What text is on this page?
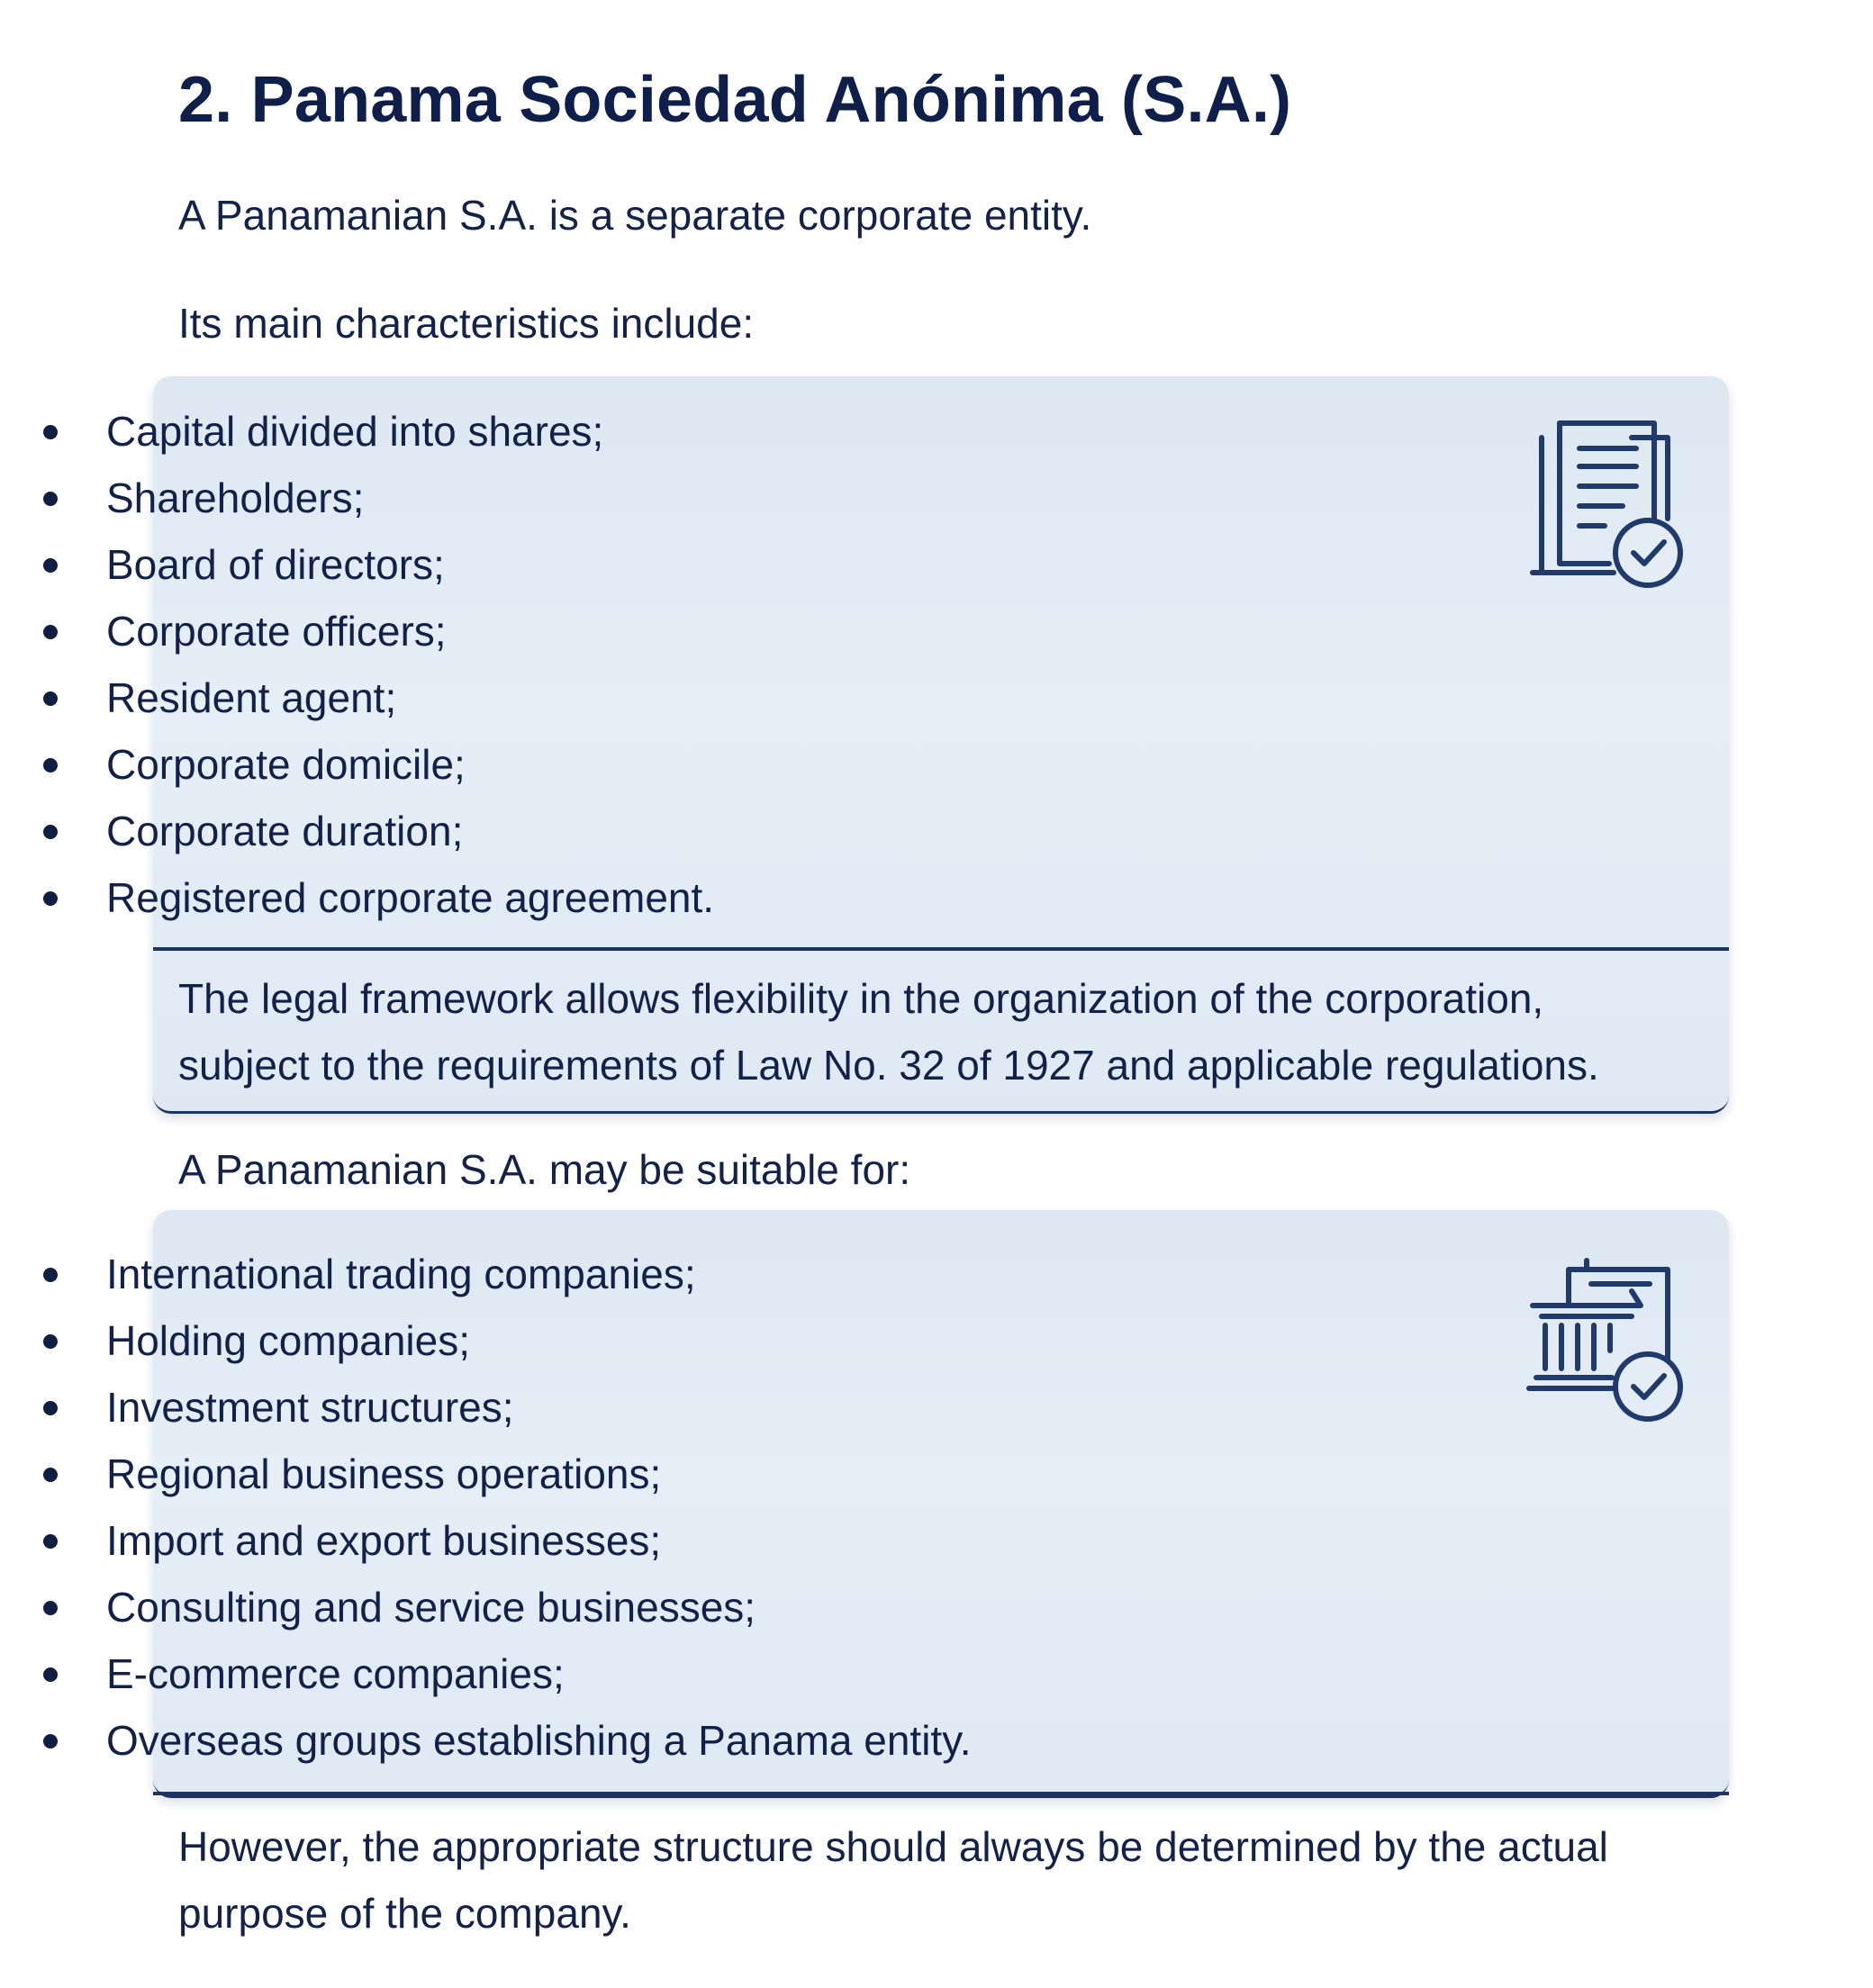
2. Panama Sociedad Anónima (S.A.)

A Panamanian S.A. is a separate corporate entity.

Its main characteristics include:

Capital divided into shares;
Shareholders;
Board of directors;
Corporate officers;
Resident agent;
Corporate domicile;
Corporate duration;
Registered corporate agreement.

The legal framework allows flexibility in the organization of the corporation,
subject to the requirements of Law No. 32 of 1927 and applicable regulations.

A Panamanian S.A. may be suitable for:

International trading companies;
Holding companies;
Investment structures;
Regional business operations;
Import and export businesses;
Consulting and service businesses;
E-commerce companies;
Overseas groups establishing a Panama entity.

However, the appropriate structure should always be determined by the actual
purpose of the company.
